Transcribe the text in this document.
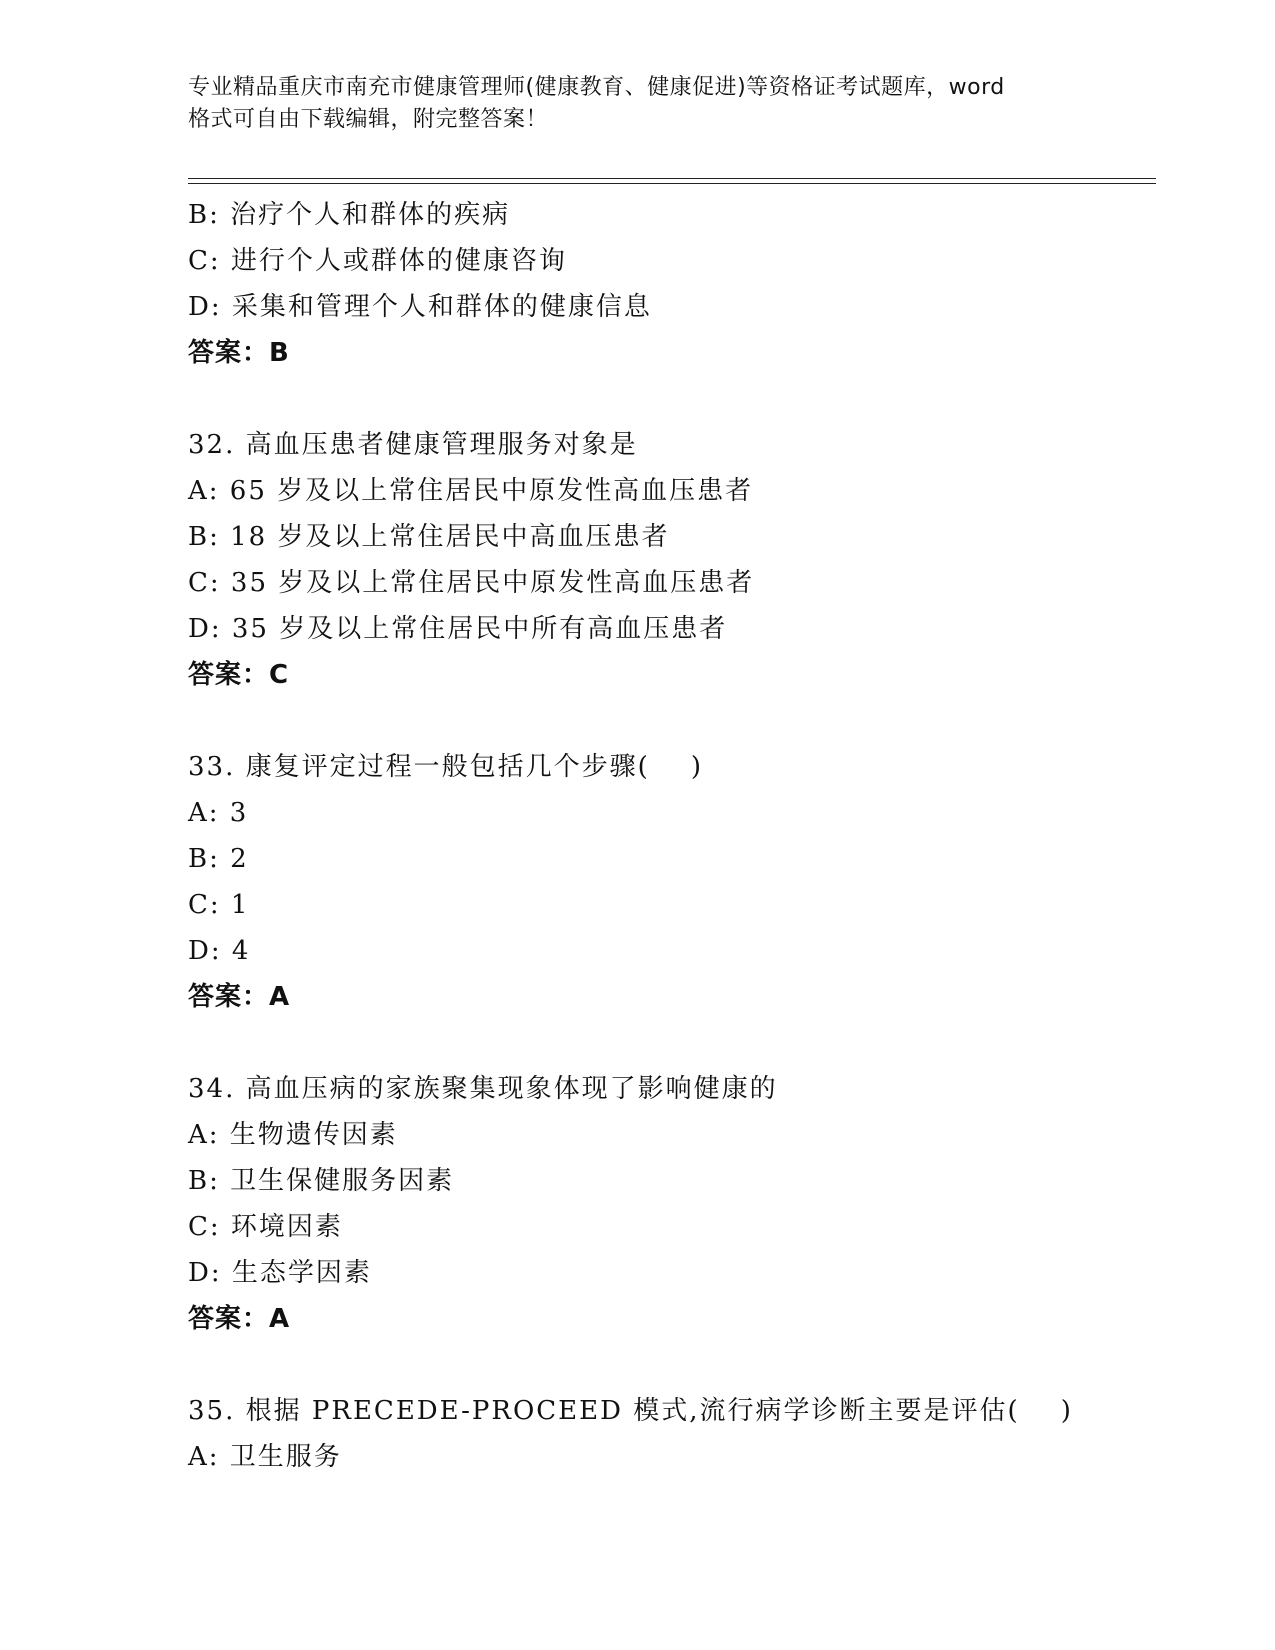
专业精品重庆市南充市健康管理师(健康教育、健康促进)等资格证考试题库，word
格式可自由下载编辑，附完整答案！
B: 治疗个人和群体的疾病
C: 进行个人或群体的健康咨询
D: 采集和管理个人和群体的健康信息
答案：B
32. 高血压患者健康管理服务对象是
A: 65 岁及以上常住居民中原发性高血压患者
B: 18 岁及以上常住居民中高血压患者
C: 35 岁及以上常住居民中原发性高血压患者
D: 35 岁及以上常住居民中所有高血压患者
答案：C
33. 康复评定过程一般包括几个步骤(    )
A: 3
B: 2
C: 1
D: 4
答案：A
34. 高血压病的家族聚集现象体现了影响健康的
A: 生物遗传因素
B: 卫生保健服务因素
C: 环境因素
D: 生态学因素
答案：A
35. 根据 PRECEDE-PROCEED 模式,流行病学诊断主要是评估(    )
A: 卫生服务
